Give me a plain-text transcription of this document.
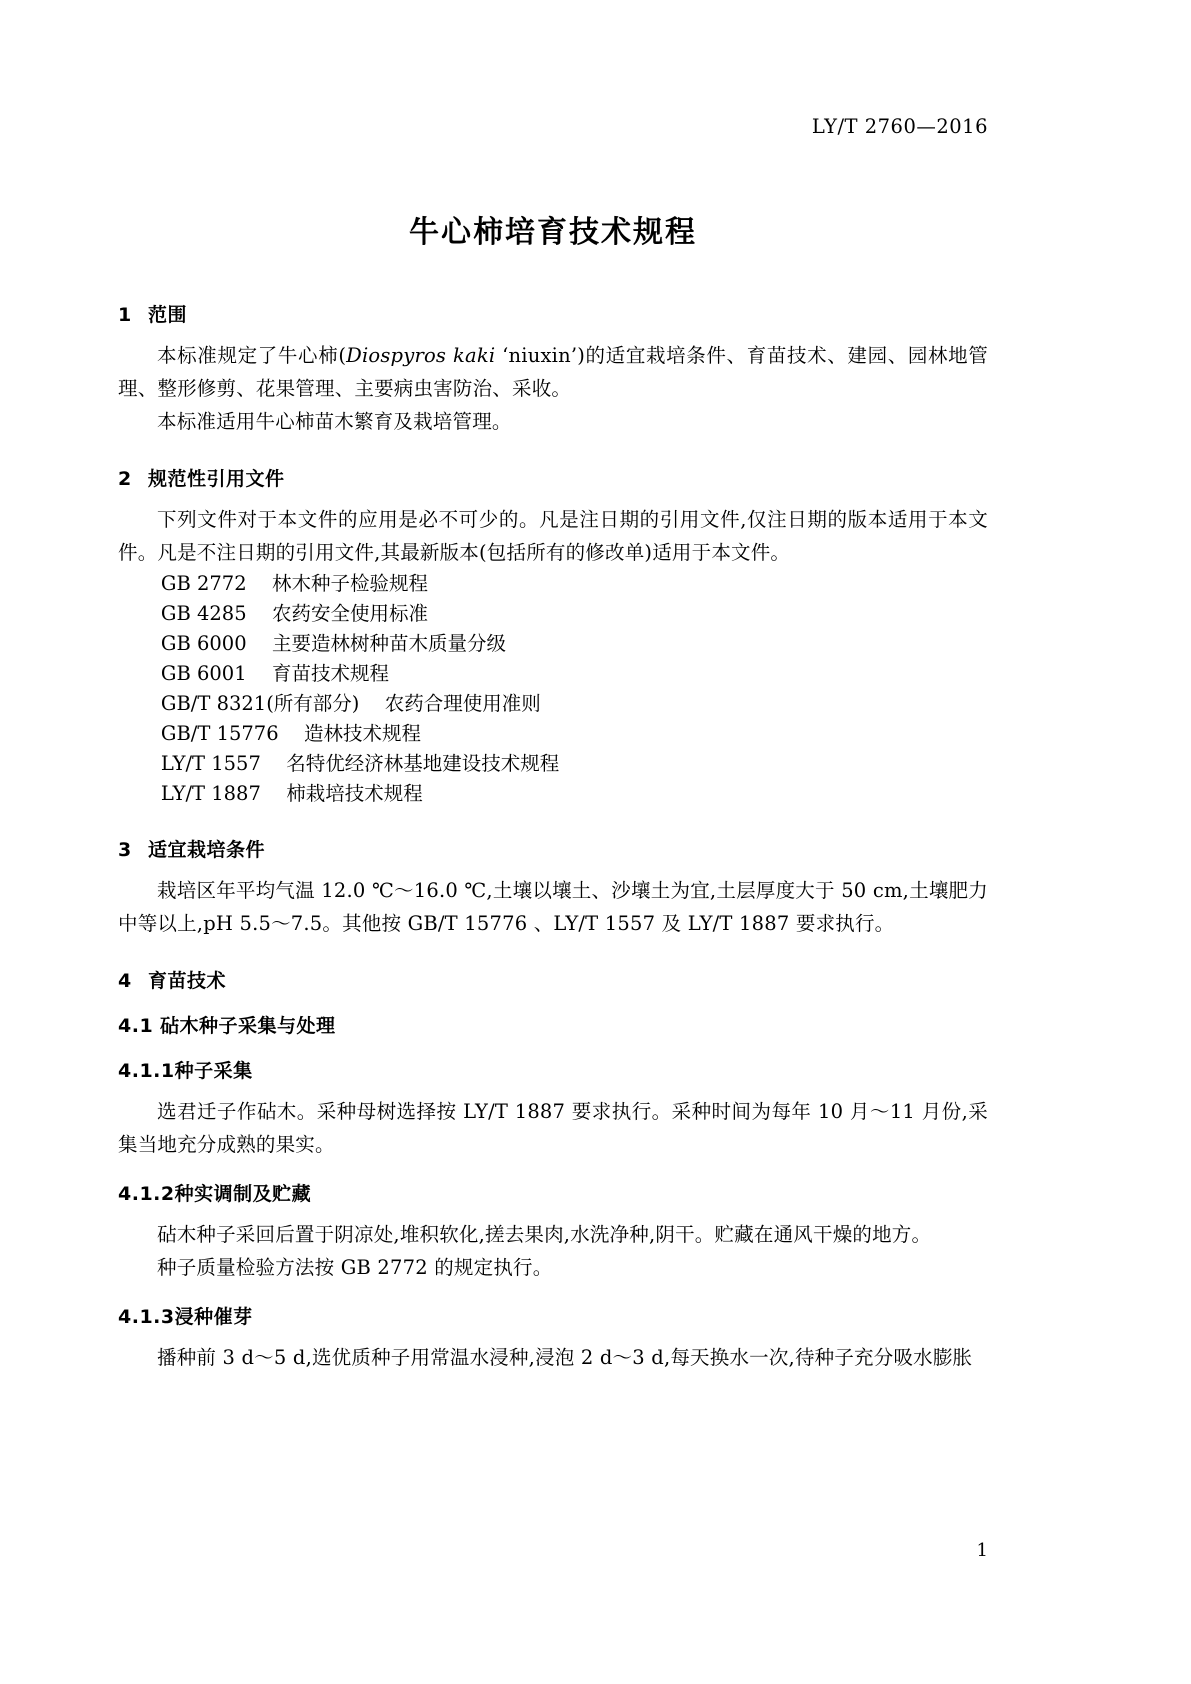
LY/T 2760—2016
牛心柿培育技术规程
1 范围

本标准规定了牛心柿(Diospyros kaki ‘niuxin’)的适宜栽培条件、育苗技术、建园、园林地管理、整形修剪、花果管理、主要病虫害防治、采收。

本标准适用牛心柿苗木繁育及栽培管理。

2 规范性引用文件

下列文件对于本文件的应用是必不可少的。凡是注日期的引用文件,仅注日期的版本适用于本文件。凡是不注日期的引用文件,其最新版本(包括所有的修改单)适用于本文件。

GB 2772 林木种子检验规程

GB 4285 农药安全使用标准

GB 6000 主要造林树种苗木质量分级

GB 6001 育苗技术规程

GB/T 8321(所有部分) 农药合理使用准则

GB/T 15776 造林技术规程

LY/T 1557 名特优经济林基地建设技术规程

LY/T 1887 柿栽培技术规程

3 适宜栽培条件

栽培区年平均气温 12.0 ℃～16.0 ℃,土壤以壤土、沙壤土为宜,土层厚度大于 50 cm,土壤肥力中等以上,pH 5.5～7.5。其他按 GB/T 15776 、LY/T 1557 及 LY/T 1887 要求执行。

4 育苗技术
4.1 砧木种子采集与处理
4.1.1种子采集

选君迁子作砧木。采种母树选择按 LY/T 1887 要求执行。采种时间为每年 10 月～11 月份,采集当地充分成熟的果实。

4.1.2种实调制及贮藏

砧木种子采回后置于阴凉处,堆积软化,搓去果肉,水洗净种,阴干。贮藏在通风干燥的地方。

种子质量检验方法按 GB 2772 的规定执行。

4.1.3浸种催芽

播种前 3 d～5 d,选优质种子用常温水浸种,浸泡 2 d～3 d,每天换水一次,待种子充分吸水膨胀

1
